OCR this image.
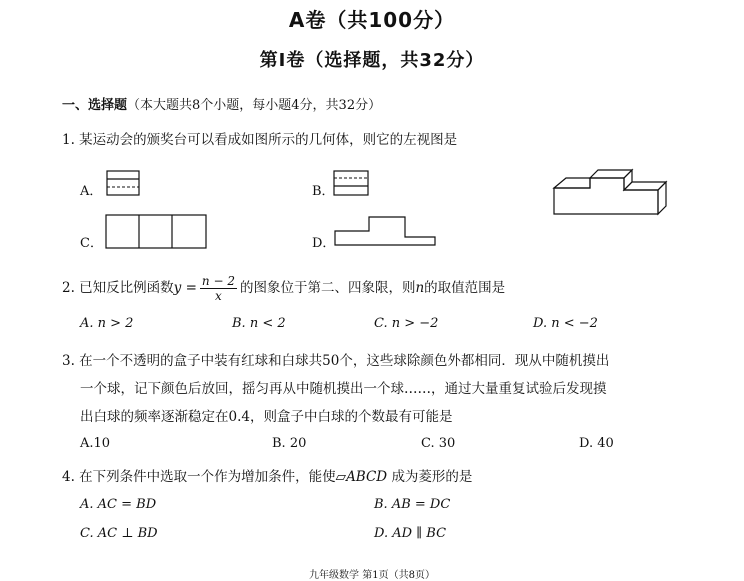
A卷（共100分）
第Ⅰ卷（选择题，共32分）
一、选择题（本大题共8个小题，每小题4分，共32分）
1. 某运动会的颁奖台可以看成如图所示的几何体，则它的左视图是
A．	B．
C．	D．
2. 已知反比例函数$y = \frac{n - 2}{x}$ 的图象位于第二、四象限，则n的取值范围是
A. n > 2	B. n < 2	C. n > −2	D. n < −2
3. 在一个不透明的盒子中装有红球和白球共50个，这些球除颜色外都相同．现从中随机摸出
一个球，记下颜色后放回，摇匀再从中随机摸出一个球……，通过大量重复试验后发现摸
出白球的频率逐渐稳定在0.4，则盒子中白球的个数最有可能是
A.10	B. 20	C. 30	D. 40
4. 在下列条件中选取一个作为增加条件，能使▱ABCD 成为菱形的是
A. AC = BD	B. AB = DC
C. AC ⊥ BD	D. AD ∥ BC
九年级数学 第1页（共8页）
